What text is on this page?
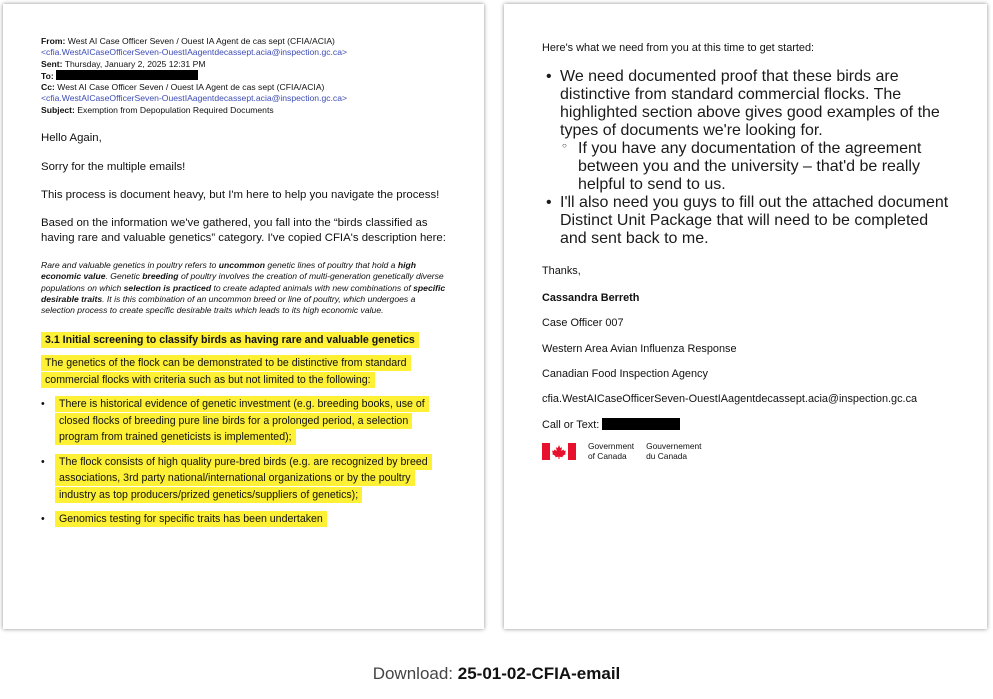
From: West AI Case Officer Seven / Ouest IA Agent de cas sept (CFIA/ACIA)
<cfia.WestAICaseOfficerSeven-OuestIAagentdecassept.acia@inspection.gc.ca>
Sent: Thursday, January 2, 2025 12:31 PM
To:
Cc: West AI Case Officer Seven / Ouest IA Agent de cas sept (CFIA/ACIA)
<cfia.WestAICaseOfficerSeven-OuestIAagentdecassept.acia@inspection.gc.ca>
Subject: Exemption from Depopulation Required Documents

Hello Again,

Sorry for the multiple emails!

This process is document heavy, but I'm here to help you navigate the process!

Based on the information we've gathered, you fall into the “birds classified as having rare and valuable genetics” category. I've copied CFIA's description here:

Rare and valuable genetics in poultry refers to uncommon genetic lines of poultry that hold a high economic value. Genetic breeding of poultry involves the creation of multi-generation genetically diverse populations on which selection is practiced to create adapted animals with new combinations of specific desirable traits. It is this combination of an uncommon breed or line of poultry, which undergoes a selection process to create specific desirable traits which leads to its high economic value.

3.1 Initial screening to classify birds as having rare and valuable genetics
The genetics of the flock can be demonstrated to be distinctive from standard commercial flocks with criteria such as but not limited to the following:
• There is historical evidence of genetic investment (e.g. breeding books, use of closed flocks of breeding pure line birds for a prolonged period, a selection program from trained geneticists is implemented);
• The flock consists of high quality pure-bred birds (e.g. are recognized by breed associations, 3rd party national/international organizations or by the poultry industry as top producers/prized genetics/suppliers of genetics);
• Genomics testing for specific traits has been undertaken

Here's what we need from you at this time to get started:

• We need documented proof that these birds are distinctive from standard commercial flocks. The highlighted section above gives good examples of the types of documents we're looking for.
○ If you have any documentation of the agreement between you and the university – that'd be really helpful to send to us.
• I'll also need you guys to fill out the attached document Distinct Unit Package that will need to be completed and sent back to me.

Thanks,

Cassandra Berreth

Case Officer 007

Western Area Avian Influenza Response

Canadian Food Inspection Agency

cfia.WestAICaseOfficerSeven-OuestIAagentdecassept.acia@inspection.gc.ca

Call or Text:

Government
of Canada
Gouvernement
du Canada
Download: 25-01-02-CFIA-email
